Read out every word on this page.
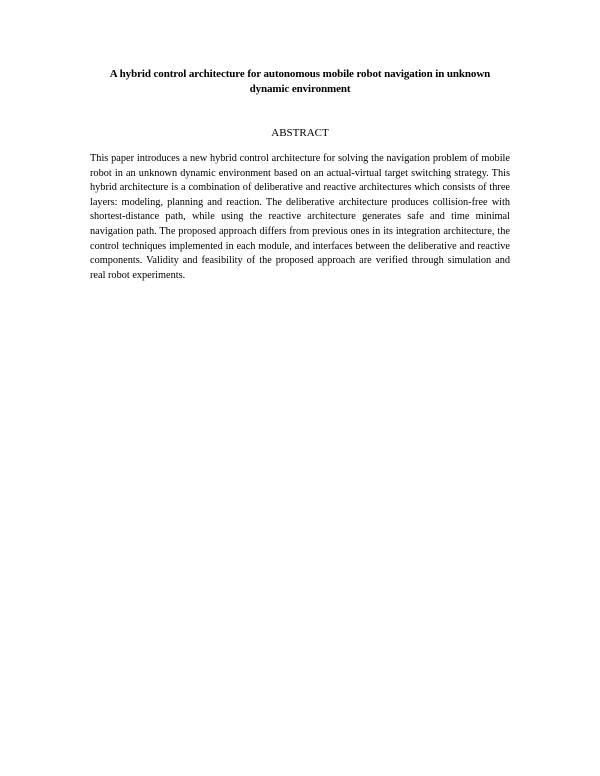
A hybrid control architecture for autonomous mobile robot navigation in unknown dynamic environment
ABSTRACT

This paper introduces a new hybrid control architecture for solving the navigation problem of mobile robot in an unknown dynamic environment based on an actual-virtual target switching strategy. This hybrid architecture is a combination of deliberative and reactive architectures which consists of three layers: modeling, planning and reaction. The deliberative architecture produces collision-free with shortest-distance path, while using the reactive architecture generates safe and time minimal navigation path. The proposed approach differs from previous ones in its integration architecture, the control techniques implemented in each module, and interfaces between the deliberative and reactive components. Validity and feasibility of the proposed approach are verified through simulation and real robot experiments.
